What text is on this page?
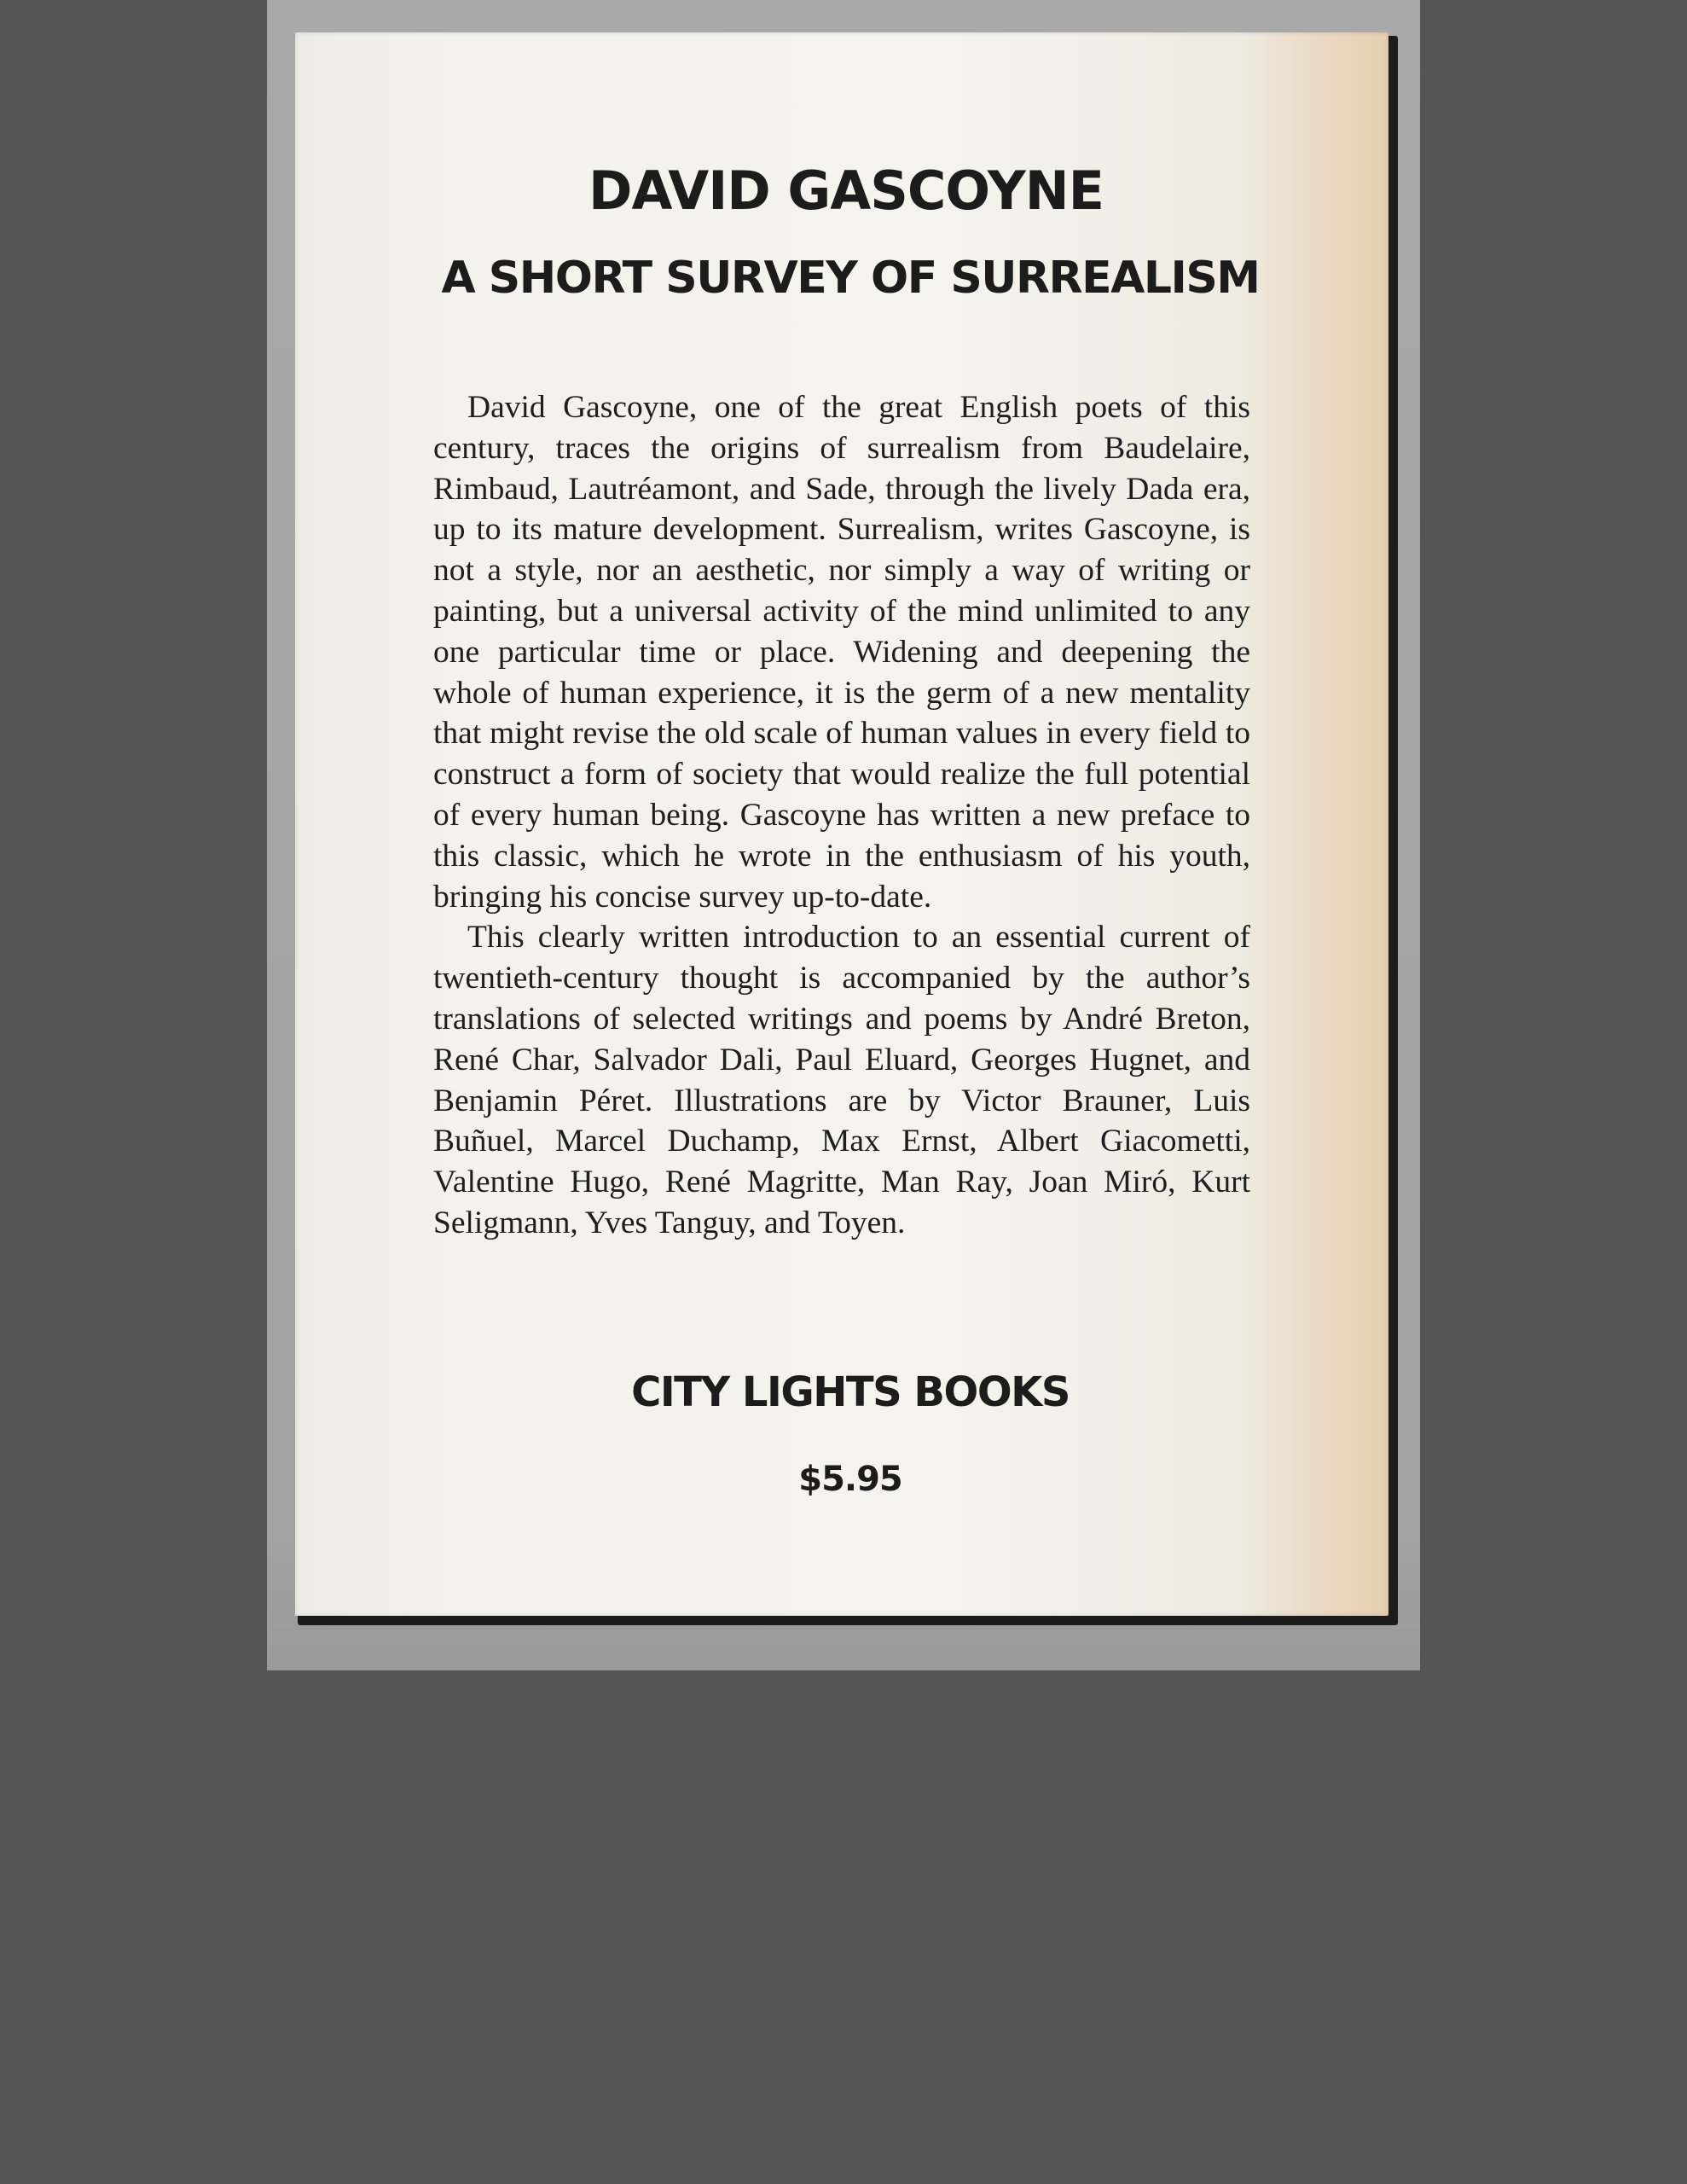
DAVID GASCOYNE
A SHORT SURVEY OF SURREALISM

David Gascoyne, one of the great English poets of this century, traces the origins of surrealism from Baudelaire, Rimbaud, Lautréamont, and Sade, through the lively Dada era, up to its mature development. Surrealism, writes Gascoyne, is not a style, nor an aesthetic, nor simply a way of writing or painting, but a universal activity of the mind unlimited to any one particular time or place. Widening and deepening the whole of human experience, it is the germ of a new mentality that might revise the old scale of human values in every field to construct a form of society that would realize the full potential of every human being. Gascoyne has written a new preface to this classic, which he wrote in the enthusiasm of his youth, bringing his concise survey up-to-date.

This clearly written introduction to an essential current of twentieth-century thought is accompanied by the author’s translations of selected writings and poems by André Breton, René Char, Salvador Dali, Paul Eluard, Georges Hugnet, and Benjamin Péret. Illustrations are by Victor Brauner, Luis Buñuel, Marcel Duchamp, Max Ernst, Albert Giacometti, Valentine Hugo, René Magritte, Man Ray, Joan Miró, Kurt Seligmann, Yves Tanguy, and Toyen.

CITY LIGHTS BOOKS
$5.95
